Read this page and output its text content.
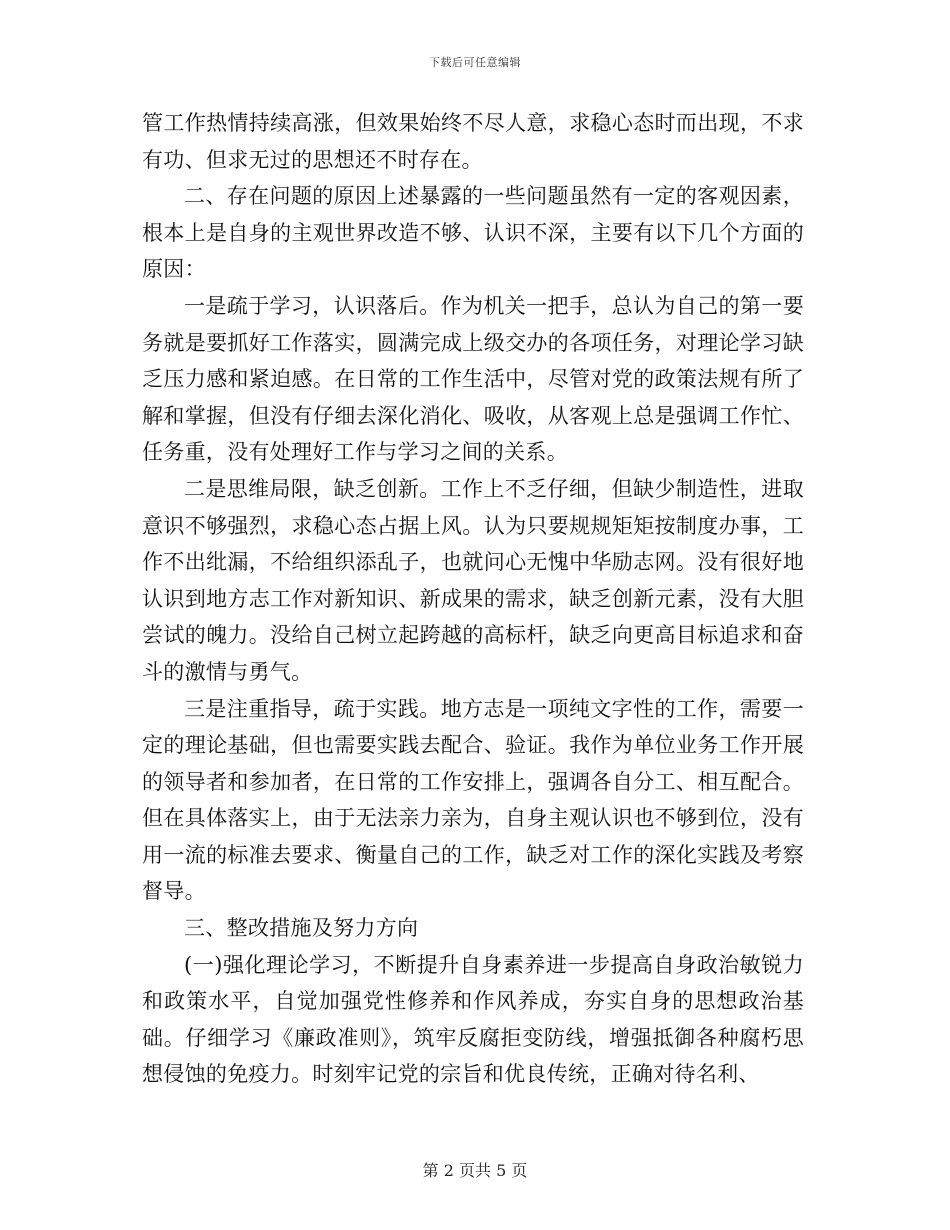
下载后可任意编辑

管工作热情持续高涨，但效果始终不尽人意，求稳心态时而出现，不求有功、但求无过的思想还不时存在。

二、存在问题的原因上述暴露的一些问题虽然有一定的客观因素，根本上是自身的主观世界改造不够、认识不深，主要有以下几个方面的原因：

一是疏于学习，认识落后。作为机关一把手，总认为自己的第一要务就是要抓好工作落实，圆满完成上级交办的各项任务，对理论学习缺乏压力感和紧迫感。在日常的工作生活中，尽管对党的政策法规有所了解和掌握，但没有仔细去深化消化、吸收，从客观上总是强调工作忙、任务重，没有处理好工作与学习之间的关系。

二是思维局限，缺乏创新。工作上不乏仔细，但缺少制造性，进取意识不够强烈，求稳心态占据上风。认为只要规规矩矩按制度办事，工作不出纰漏，不给组织添乱子，也就问心无愧中华励志网。没有很好地认识到地方志工作对新知识、新成果的需求，缺乏创新元素，没有大胆尝试的魄力。没给自己树立起跨越的高标杆，缺乏向更高目标追求和奋斗的激情与勇气。

三是注重指导，疏于实践。地方志是一项纯文字性的工作，需要一定的理论基础，但也需要实践去配合、验证。我作为单位业务工作开展的领导者和参加者，在日常的工作安排上，强调各自分工、相互配合。但在具体落实上，由于无法亲力亲为，自身主观认识也不够到位，没有用一流的标准去要求、衡量自己的工作，缺乏对工作的深化实践及考察督导。

三、整改措施及努力方向

(一)强化理论学习，不断提升自身素养进一步提高自身政治敏锐力和政策水平，自觉加强党性修养和作风养成，夯实自身的思想政治基础。仔细学习《廉政准则》，筑牢反腐拒变防线，增强抵御各种腐朽思想侵蚀的免疫力。时刻牢记党的宗旨和优良传统，正确对待名利、

第 2 页共 5 页
